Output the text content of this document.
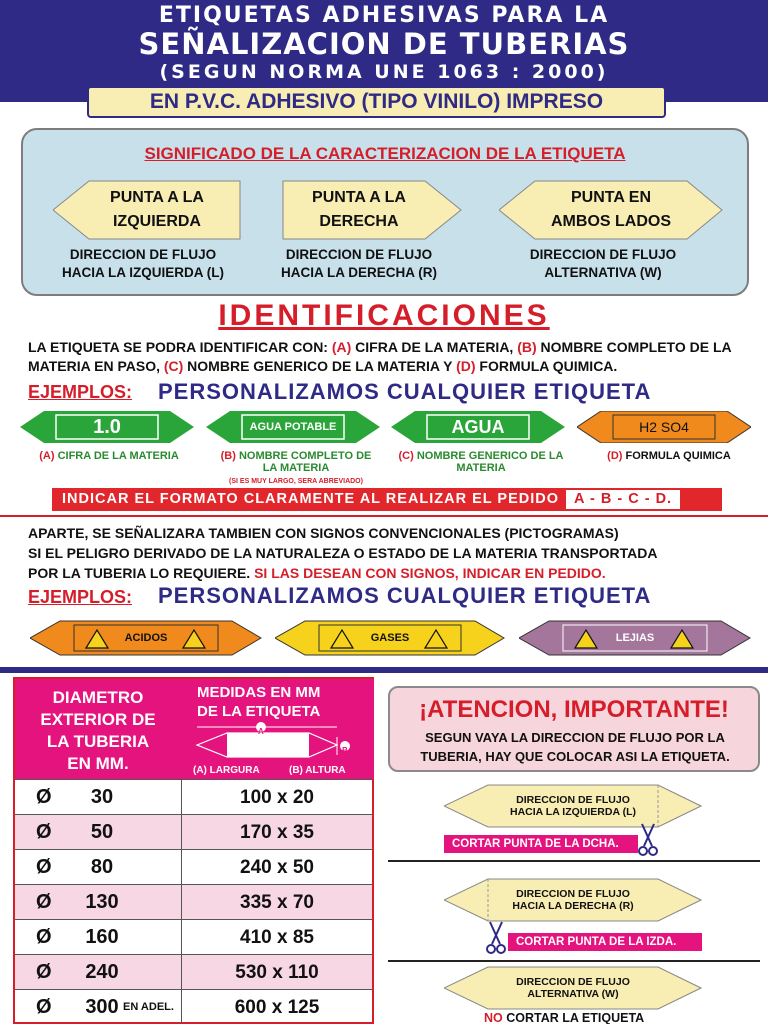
ETIQUETAS ADHESIVAS PARA LA
SEÑALIZACION DE TUBERIAS
(SEGUN NORMA UNE 1063 : 2000)
EN P.V.C. ADHESIVO (TIPO VINILO) IMPRESO
SIGNIFICADO DE LA CARACTERIZACION DE LA ETIQUETA
PUNTA A LA
IZQUIERDA
DIRECCION DE FLUJO
HACIA LA IZQUIERDA (L)
PUNTA A LA
DERECHA
DIRECCION DE FLUJO
HACIA LA DERECHA (R)
PUNTA EN
AMBOS LADOS
DIRECCION DE FLUJO
ALTERNATIVA (W)
IDENTIFICACIONES
LA ETIQUETA SE PODRA IDENTIFICAR CON: (A) CIFRA DE LA MATERIA, (B) NOMBRE COMPLETO DE LA MATERIA EN PASO, (C) NOMBRE GENERICO DE LA MATERIA Y (D) FORMULA QUIMICA.
EJEMPLOS: PERSONALIZAMOS CUALQUIER ETIQUETA
1.0
(A) CIFRA DE LA MATERIA
AGUA POTABLE
(B) NOMBRE COMPLETO DE LA MATERIA
(SI ES MUY LARGO, SERA ABREVIADO)
AGUA
(C) NOMBRE GENERICO DE LA MATERIA
H2 SO4
(D) FORMULA QUIMICA
INDICAR EL FORMATO CLARAMENTE AL REALIZAR EL PEDIDO A - B - C - D.
APARTE, SE SEÑALIZARA TAMBIEN CON SIGNOS CONVENCIONALES (PICTOGRAMAS)
SI EL PELIGRO DERIVADO DE LA NATURALEZA O ESTADO DE LA MATERIA TRANSPORTADA
POR LA TUBERIA LO REQUIERE. SI LAS DESEAN CON SIGNOS, INDICAR EN PEDIDO.
EJEMPLOS: PERSONALIZAMOS CUALQUIER ETIQUETA
ACIDOS	GASES	LEJIAS
DIAMETRO
EXTERIOR DE
LA TUBERIA
EN MM.
MEDIDAS EN MM
DE LA ETIQUETA
A
B
(A) LARGURA	(B) ALTURA
Ø	30	100 x 20
Ø	50	170 x 35
Ø	80	240 x 50
Ø	130	335 x 70
Ø	160	410 x 85
Ø	240	530 x 110
Ø	300 EN ADEL.	600 x 125
¡ATENCION, IMPORTANTE!
SEGUN VAYA LA DIRECCION DE FLUJO POR LA TUBERIA, HAY QUE COLOCAR ASI LA ETIQUETA.
DIRECCION DE FLUJO
HACIA LA IZQUIERDA (L)
CORTAR PUNTA DE LA DCHA.
DIRECCION DE FLUJO
HACIA LA DERECHA (R)
CORTAR PUNTA DE LA IZDA.
DIRECCION DE FLUJO
ALTERNATIVA (W)
NO CORTAR LA ETIQUETA
